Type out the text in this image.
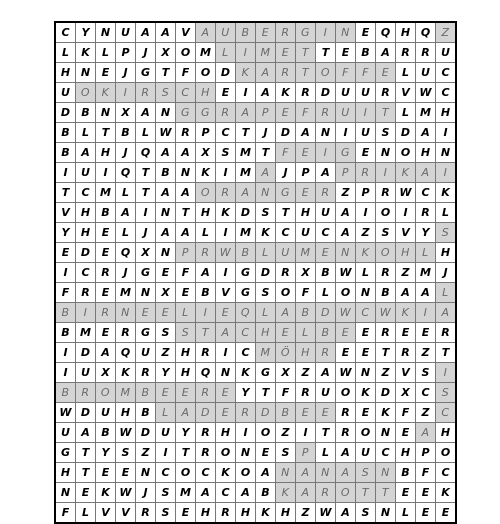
C	Y	N	U	A	A	V	A	U	B	E	R	G	I	N	E	Q	H	Q	Z
L	K	L	P	J	X	O	M	L	I	M	E	T	T	E	B	A	R	R	U
H	N	E	J	G	T	F	O	D	K	A	R	T	O	F	F	E	L	U	C
U	O	K	I	R	S	C	H	E	I	A	K	R	D	U	U	R	V	W	C
D	B	N	X	A	N	G	G	R	A	P	E	F	R	U	I	T	L	M	H
B	L	T	B	L	W	R	P	C	T	J	D	A	N	I	U	S	D	A	I
B	A	H	J	Q	A	A	X	S	M	T	F	E	I	G	E	N	O	H	N
I	U	I	Q	T	B	N	K	I	M	A	J	P	A	P	R	I	K	A	I
T	C	M	L	T	A	A	O	R	A	N	G	E	R	Z	P	R	W	C	K
V	H	B	A	I	N	T	H	K	D	S	T	H	U	A	I	O	I	R	L
Y	H	E	L	J	A	A	L	I	M	K	C	U	C	A	Z	S	V	Y	S
E	D	E	Q	X	N	P	R	W	B	L	U	M	E	N	K	O	H	L	H
I	C	R	J	G	E	F	A	I	G	D	R	X	B	W	L	R	Z	M	J
F	R	E	M	N	X	E	B	V	G	S	O	F	L	O	N	B	A	A	L
B	I	R	N	E	E	L	I	E	Q	L	A	B	D	W	C	W	K	I	A
B	M	E	R	G	S	S	T	A	C	H	E	L	B	E	E	R	E	E	R
I	D	A	Q	U	Z	H	R	I	C	M	Ö	H	R	E	E	T	R	Z	T
I	U	X	K	R	Y	H	Q	N	K	G	X	Z	A	W	N	Z	V	S	I
B	R	O	M	B	E	E	R	E	Y	T	F	R	U	O	K	D	X	C	S
W	D	U	H	B	L	A	D	E	R	D	B	E	E	R	E	K	F	Z	C
U	A	B	W	D	U	Y	R	H	I	O	Z	I	T	R	O	N	E	A	H
G	T	Y	S	Z	I	T	R	O	N	E	S	P	L	A	U	C	H	P	O
H	T	E	E	N	C	O	C	K	O	A	N	A	N	A	S	N	B	F	C
N	E	K	W	J	S	M	A	C	A	B	K	A	R	O	T	T	E	E	K
F	L	V	V	R	S	E	H	R	H	K	H	Z	W	A	S	N	L	E	E
